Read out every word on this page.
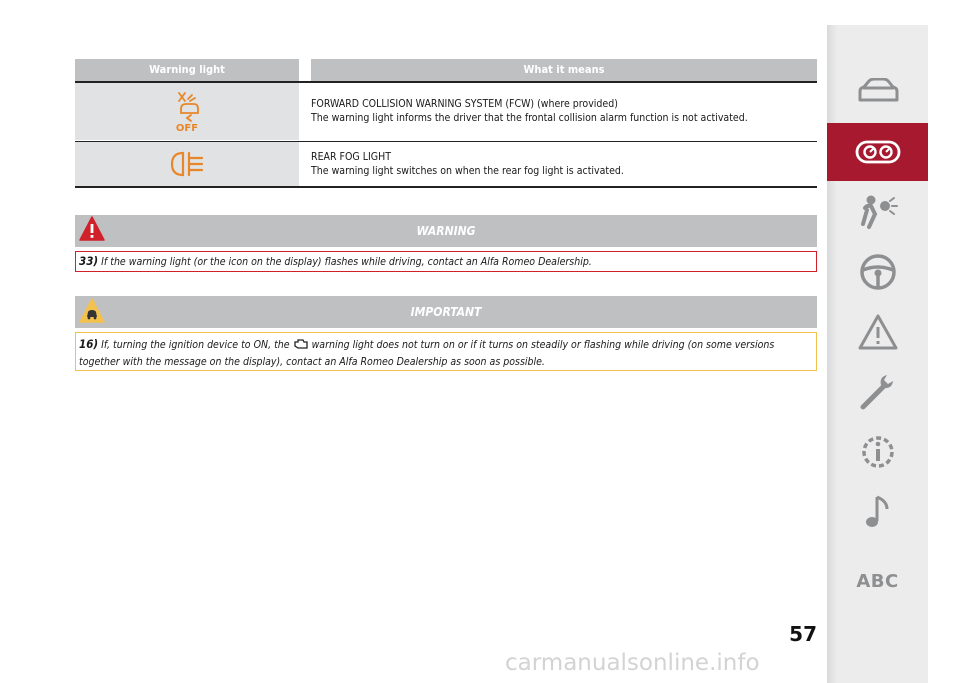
Warning light	What it means
OFF
FORWARD COLLISION WARNING SYSTEM (FCW) (where provided)
The warning light informs the driver that the frontal collision alarm function is not activated.
REAR FOG LIGHT
The warning light switches on when the rear fog light is activated.
WARNING
33) If the warning light (or the icon on the display) flashes while driving, contact an Alfa Romeo Dealership.
IMPORTANT
16) If, turning the ignition device to ON, the warning light does not turn on or if it turns on steadily or flashing while driving (on some versions together with the message on the display), contact an Alfa Romeo Dealership as soon as possible.
ABC
57
carmanualsonline.info
